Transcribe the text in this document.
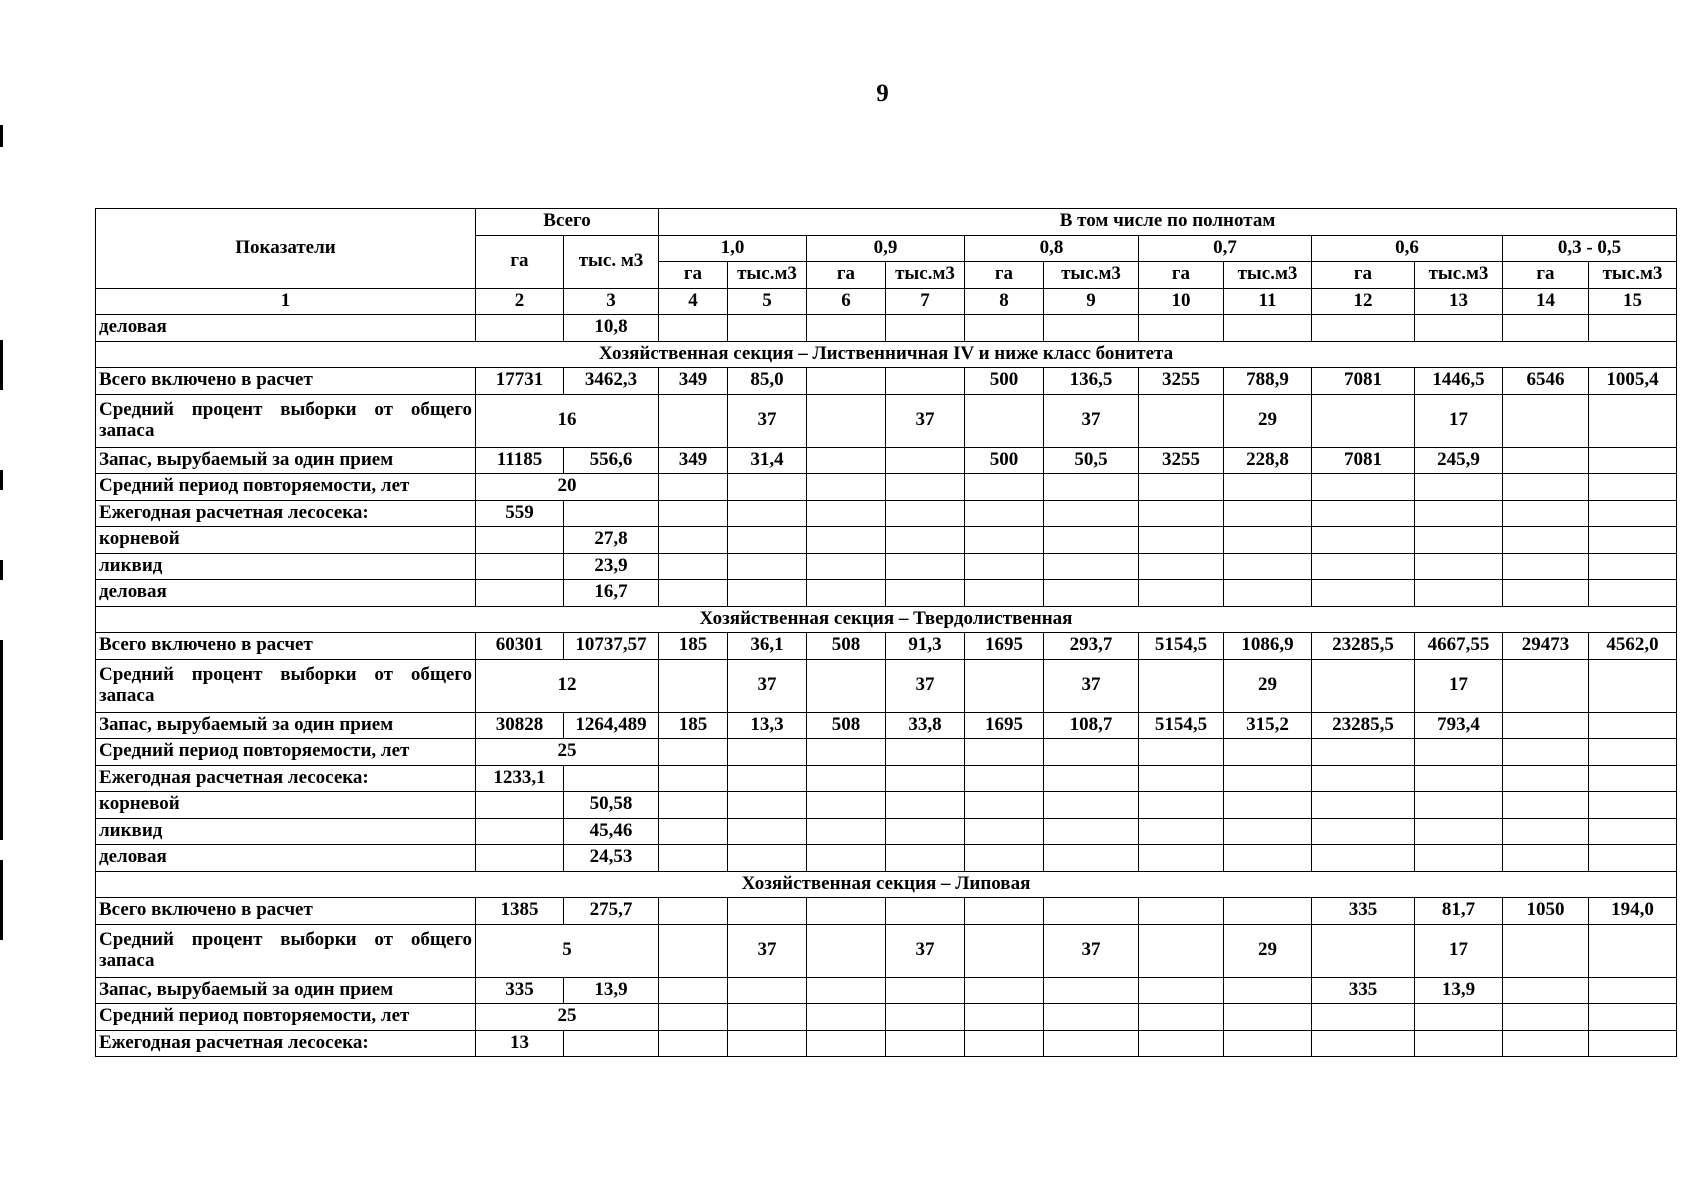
9
Показатели	Всего		В том числе по полнотам											
	га	тыс. м3	1,0		0,9		0,8		0,7		0,6		0,3 - 0,5	
			га	тыс.м3	га	тыс.м3	га	тыс.м3	га	тыс.м3	га	тыс.м3	га	тыс.м3
1	2	3	4	5	6	7	8	9	10	11	12	13	14	15
деловая		10,8												
Хозяйственная секция – Лиственничная IV и ниже класс бонитета														
Всего включено в расчет	17731	3462,3	349	85,0			500	136,5	3255	788,9	7081	1446,5	6546	1005,4
Средний процент выборки от общего запаса	16			37		37		37		29		17		
Запас, вырубаемый за один прием	11185	556,6	349	31,4			500	50,5	3255	228,8	7081	245,9		
Средний период повторяемости, лет	20													
Ежегодная расчетная лесосека:	559													
корневой		27,8												
ликвид		23,9												
деловая		16,7												
Хозяйственная секция – Твердолиственная														
Всего включено в расчет	60301	10737,57	185	36,1	508	91,3	1695	293,7	5154,5	1086,9	23285,5	4667,55	29473	4562,0
Средний процент выборки от общего запаса	12			37		37		37		29		17		
Запас, вырубаемый за один прием	30828	1264,489	185	13,3	508	33,8	1695	108,7	5154,5	315,2	23285,5	793,4		
Средний период повторяемости, лет	25													
Ежегодная расчетная лесосека:	1233,1													
корневой		50,58												
ликвид		45,46												
деловая		24,53												
Хозяйственная секция – Липовая														
Всего включено в расчет	1385	275,7									335	81,7	1050	194,0
Средний процент выборки от общего запаса	5			37		37		37		29		17		
Запас, вырубаемый за один прием	335	13,9									335	13,9		
Средний период повторяемости, лет	25													
Ежегодная расчетная лесосека:	13													
